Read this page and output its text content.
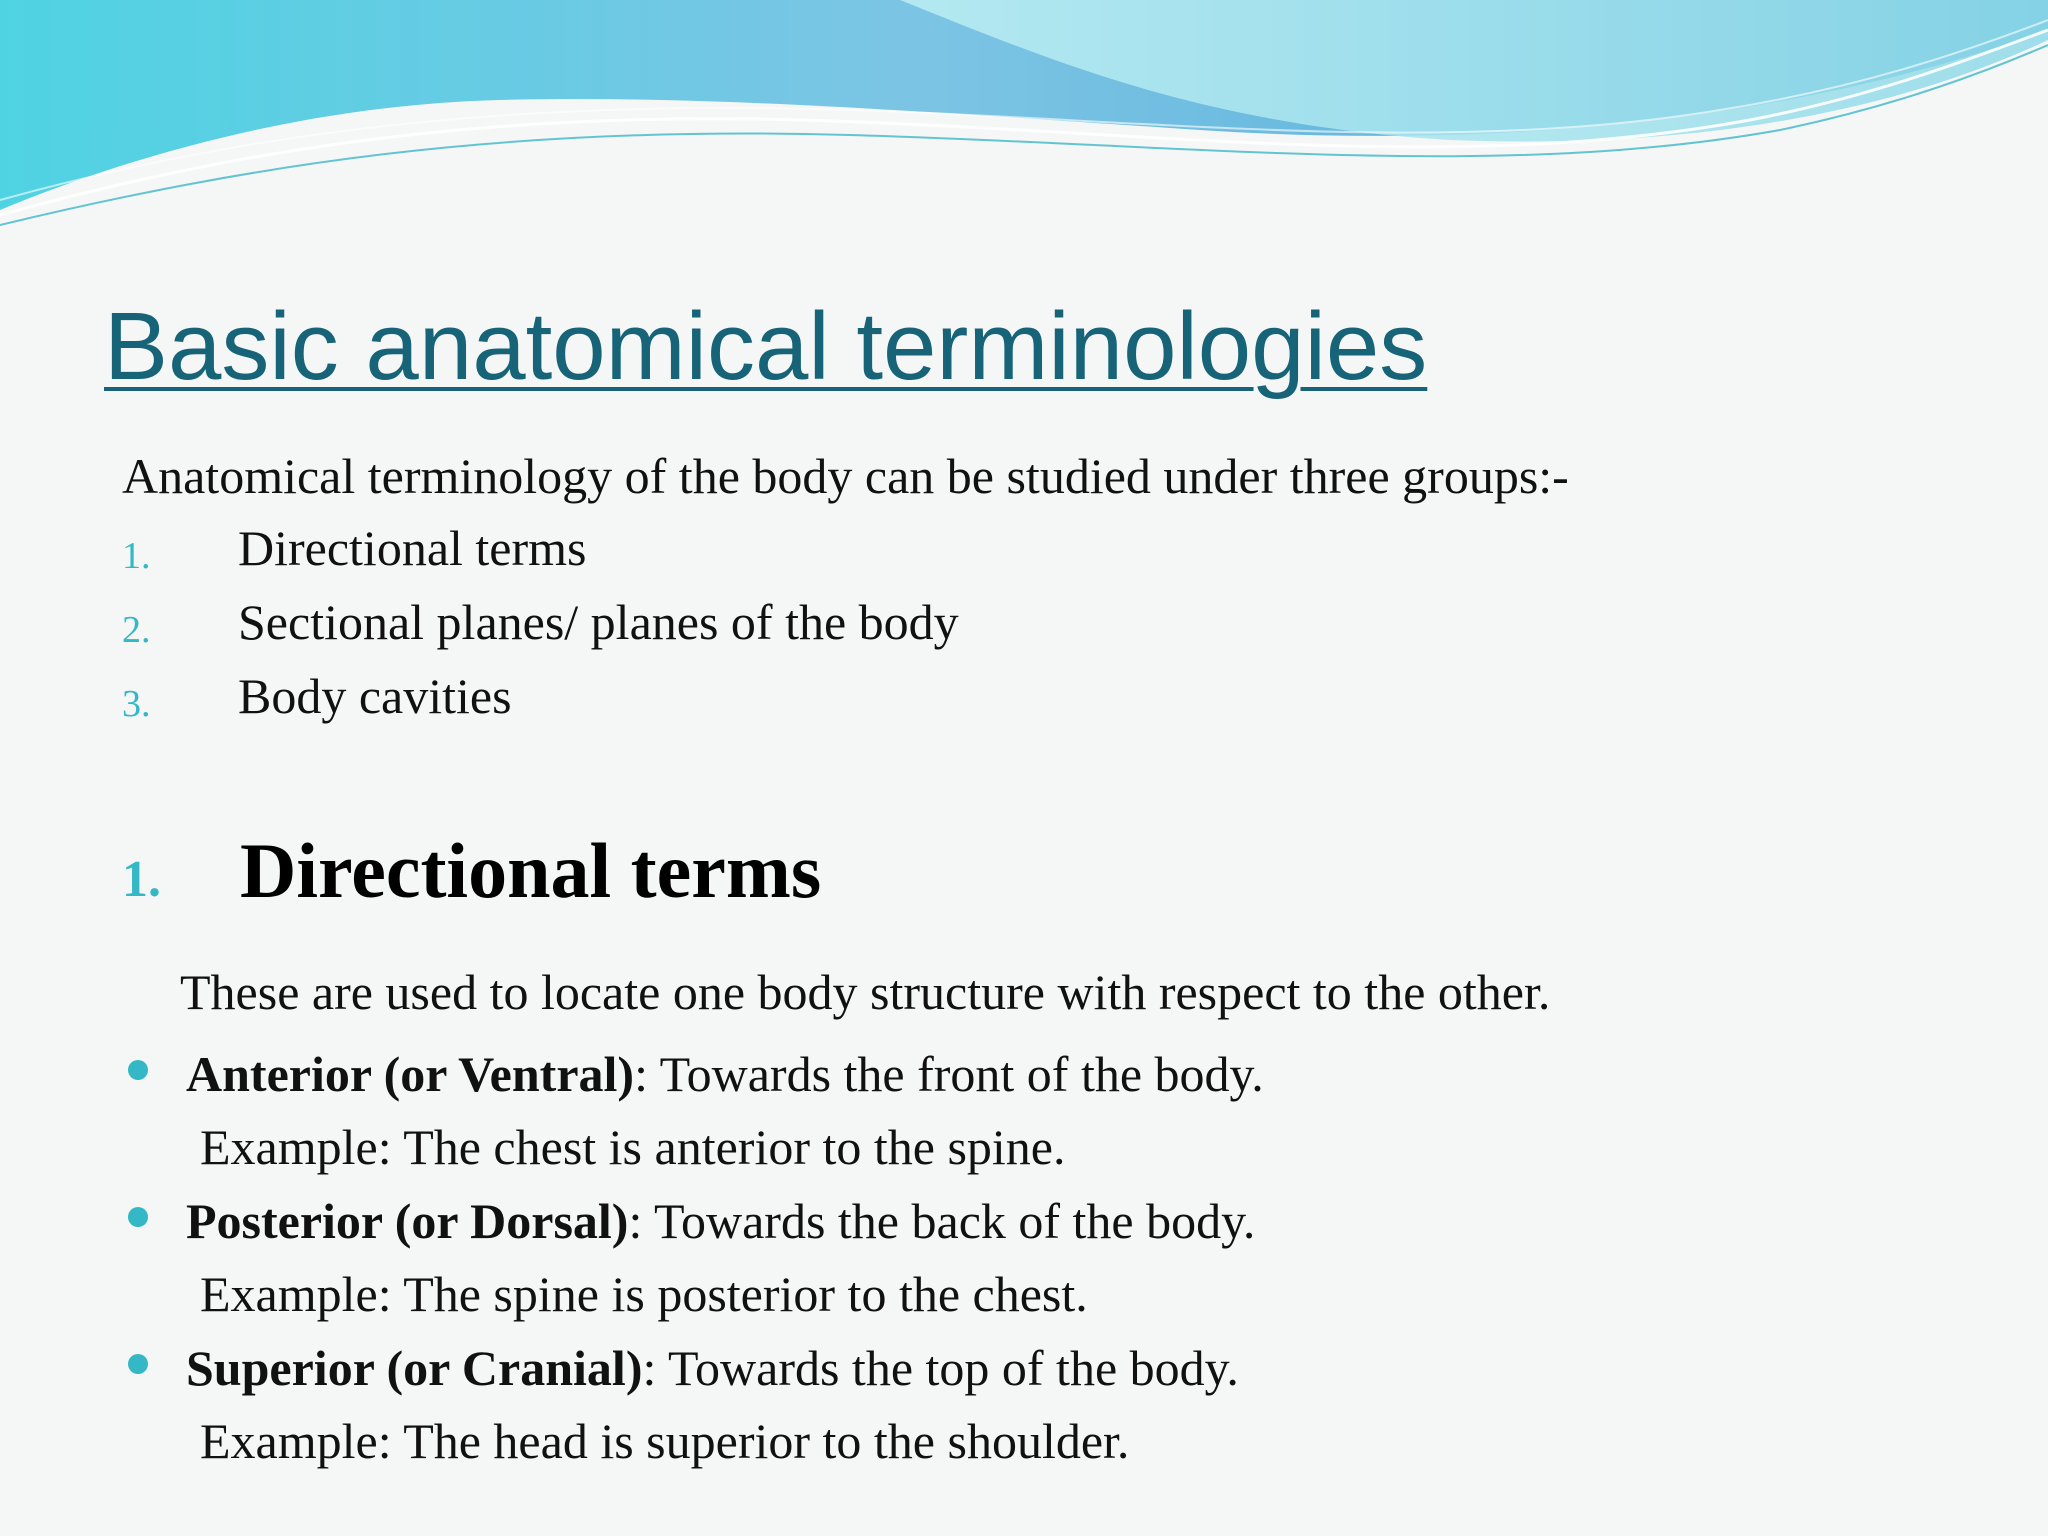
Basic anatomical terminologies
Anatomical terminology of the body can be studied under three groups:-
1. Directional terms
2. Sectional planes/ planes of the body
3. Body cavities
1. Directional terms
These are used to locate one body structure with respect to the other.
Anterior (or Ventral): Towards the front of the body.
Example: The chest is anterior to the spine.
Posterior (or Dorsal): Towards the back of the body.
Example: The spine is posterior to the chest.
Superior (or Cranial): Towards the top of the body.
Example: The head is superior to the shoulder.
